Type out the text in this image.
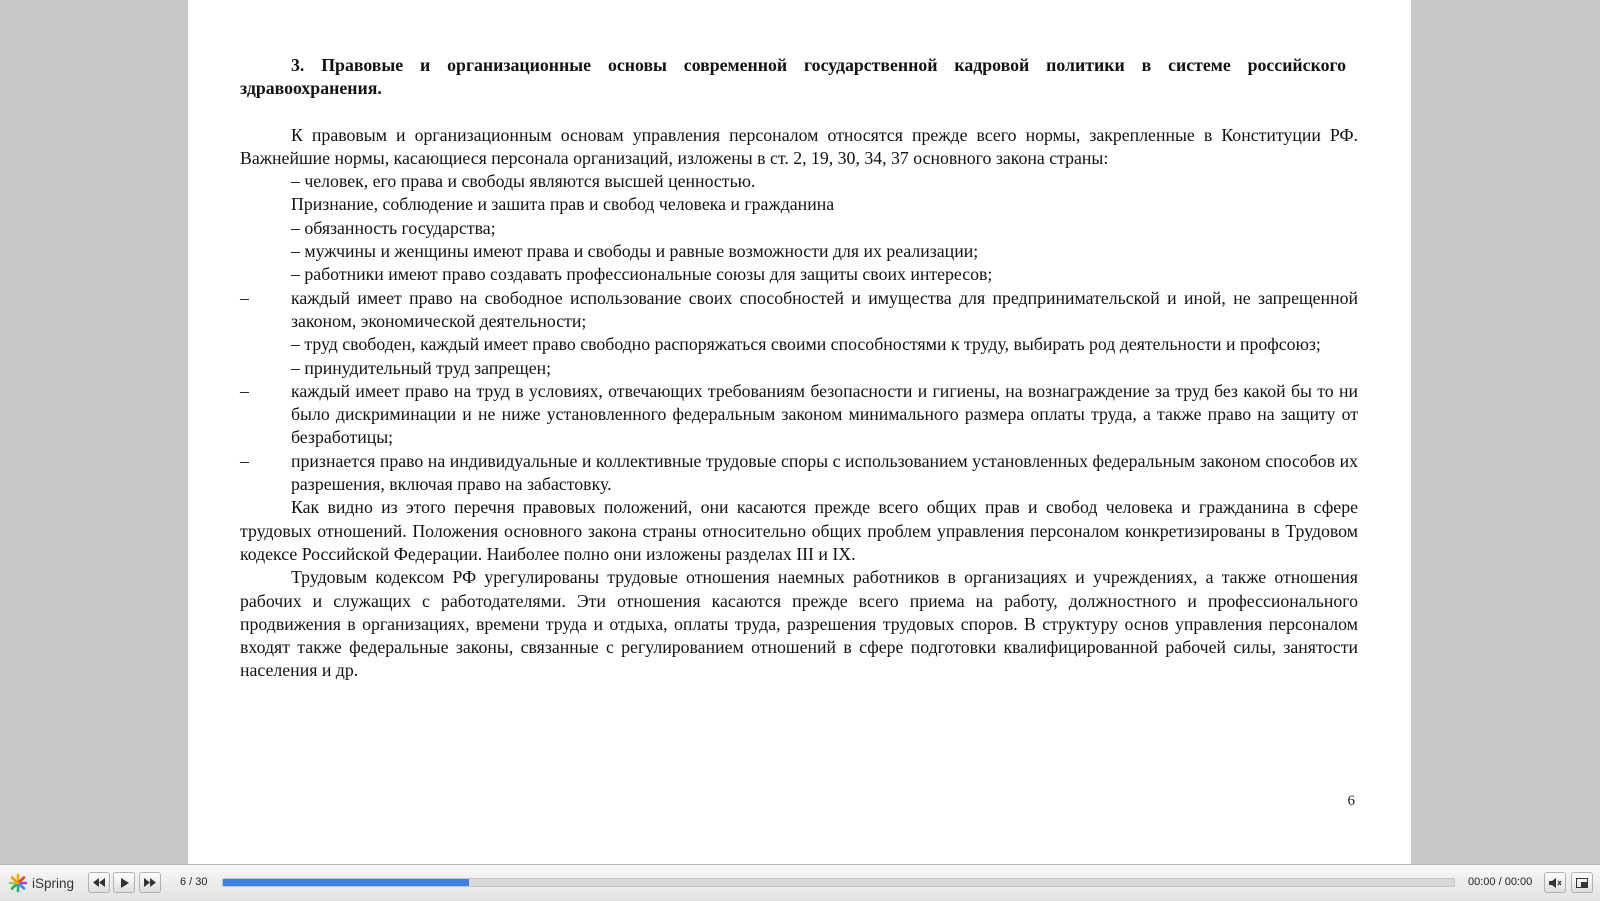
3. Правовые и организационные основы современной государственной кадровой политики в системе российского здравоохранения.

К правовым и организационным основам управления персоналом относятся прежде всего нормы, закрепленные в Конституции РФ. Важнейшие нормы, касающиеся персонала организаций, изложены в ст. 2, 19, 30, 34, 37 основного закона страны:

– человек, его права и свободы являются высшей ценностью.

Признание, соблюдение и зашита прав и свобод человека и гражданина

– обязанность государства;

– мужчины и женщины имеют права и свободы и равные возможности для их реализации;

– работники имеют право создавать профессиональные союзы для защиты своих интересов;

–	каждый имеет право на свободное использование своих способностей и имущества для предпринимательской и иной, не запрещенной законом, экономической деятельности;

– труд свободен, каждый имеет право свободно распоряжаться своими способностями к труду, выбирать род деятельности и профсоюз;

– принудительный труд запрещен;

–	каждый имеет право на труд в условиях, отвечающих требованиям безопасности и гигиены, на вознаграждение за труд без какой бы то ни было дискриминации и не ниже установленного федеральным законом минимального размера оплаты труда, а также право на защиту от безработицы;
–	признается право на индивидуальные и коллективные трудовые споры с использованием установленных федеральным законом способов их разрешения, включая право на забастовку.

Как видно из этого перечня правовых положений, они касаются прежде всего общих прав и свобод человека и гражданина в сфере трудовых отношений. Положения основного закона страны относительно общих проблем управления персоналом конкретизированы в Трудовом кодексе Российской Федерации. Наиболее полно они изложены разделах III и IX.

Трудовым кодексом РФ урегулированы трудовые отношения наемных работников в организациях и учреждениях, а также отношения рабочих и служащих с работодателями. Эти отношения касаются прежде всего приема на работу, должностного и профессионального продвижения в организациях, времени труда и отдыха, оплаты труда, разрешения трудовых споров. В структуру основ управления персоналом входят также федеральные законы, связанные с регулированием отношений в сфере подготовки квалифицированной рабочей силы, занятости населения и др.

6
iSpring	6 / 30	00:00 / 00:00
